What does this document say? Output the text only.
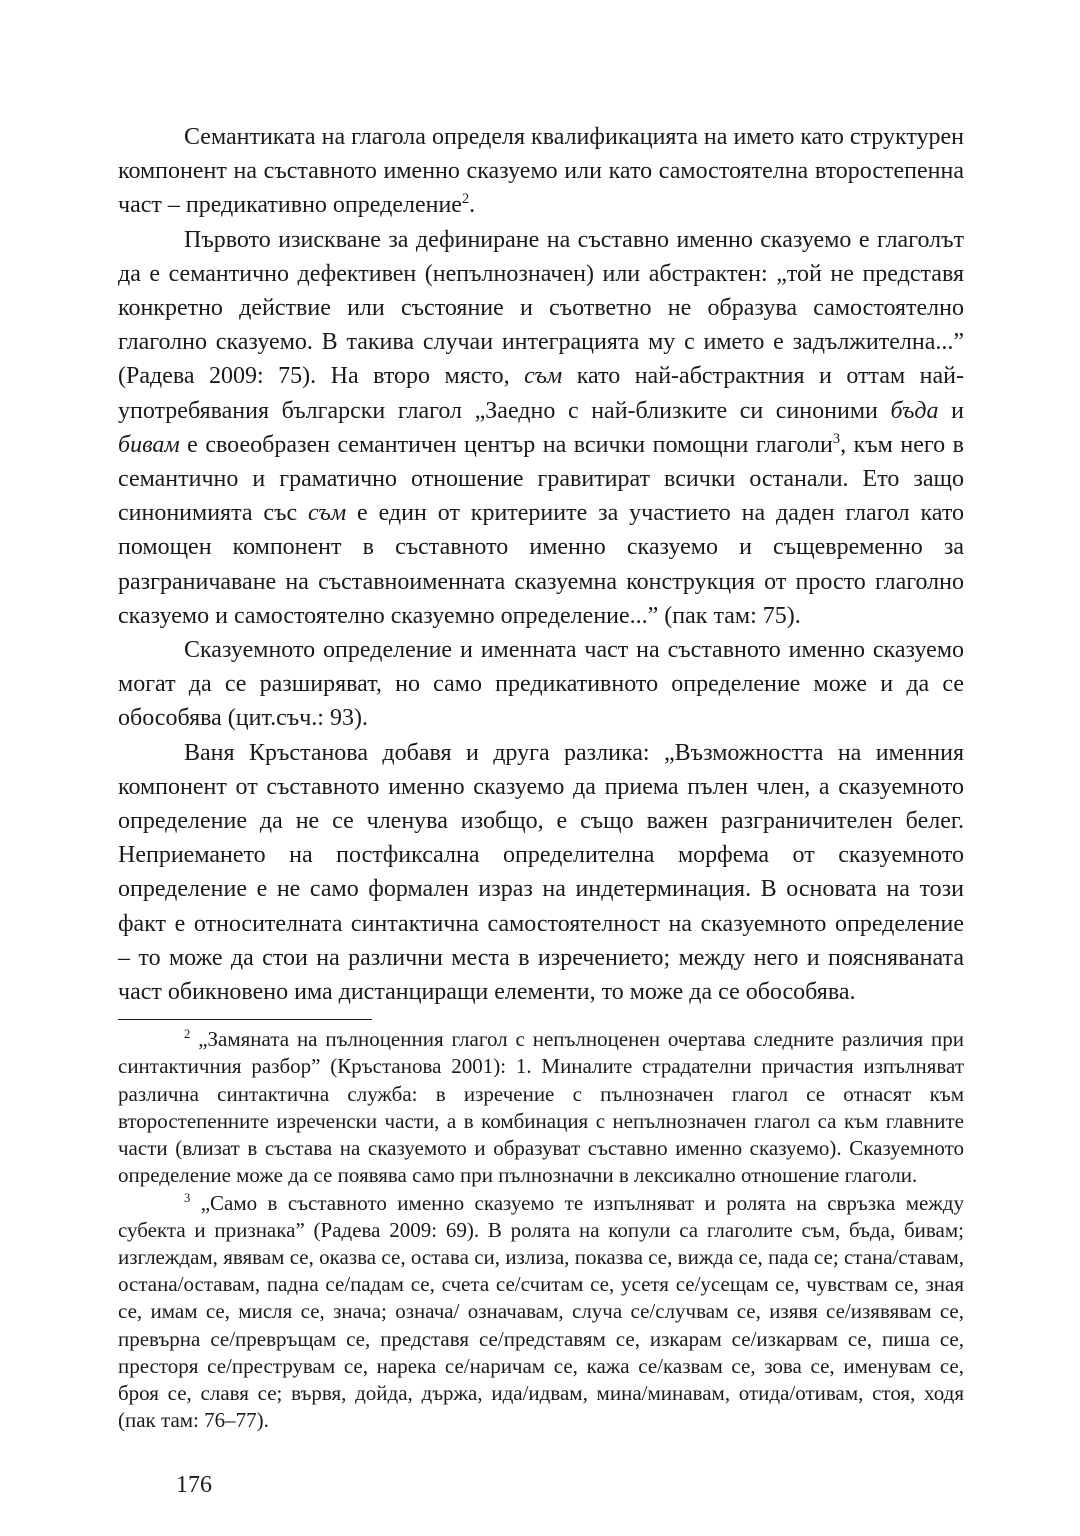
Семантиката на глагола определя квалификацията на името като структурен компонент на съставното именно сказуемо или като самостоятелна второстепенна част – предикативно определение$^2$.

Първото изискване за дефиниране на съставно именно сказуемо е глаголът да е семантично дефективен (непълнозначен) или абстрактен: „той не представя конкретно действие или състояние и съответно не образува самостоятелно глаголно сказуемо. В такива случаи интеграцията му с името е задължителна...” (Радева 2009: 75). На второ място, съм като най-абстрактния и оттам най-употребявания български глагол „Заедно с най-близките си синоними бъда и бивам е своеобразен семантичен център на всички помощни глаголи$^3$, към него в семантично и граматично отношение гравитират всички останали. Ето защо синонимията със съм е един от критериите за участието на даден глагол като помощен компонент в съставното именно сказуемо и същевременно за разграничаване на съставноименната сказуемна конструкция от просто глаголно сказуемо и самостоятелно сказуемно определение...” (пак там: 75).

Сказуемното определение и именната част на съставното именно сказуемо могат да се разширяват, но само предикативното определение може и да се обособява (цит.съч.: 93).

Ваня Кръстанова добавя и друга разлика: „Възможността на именния компонент от съставното именно сказуемо да приема пълен член, а сказуемното определение да не се членува изобщо, е също важен разграничителен белег. Неприемането на постфиксална определителна морфема от сказуемното определение е не само формален израз на индетерминация. В основата на този факт е относителната синтактична самостоятелност на сказуемното определение – то може да стои на различни места в изречението; между него и поясняваната част обикновено има дистанциращи елементи, то може да се обособява.

$^2$ „Замяната на пълноценния глагол с непълноценен очертава следните различия при синтактичния разбор” (Кръстанова 2001): 1. Миналите страдателни причастия изпълняват различна синтактична служба: в изречение с пълнозначен глагол се отнасят към второстепенните изреченски части, а в комбинация с непълнозначен глагол са към главните части (влизат в състава на сказуемото и образуват съставно именно сказуемо). Сказуемното определение може да се появява само при пълнозначни в лексикално отношение глаголи.

$^3$ „Само в съставното именно сказуемо те изпълняват и ролята на свръзка между субекта и признака” (Радева 2009: 69). В ролята на копули са глаголите съм, бъда, бивам; изглеждам, явявам се, оказва се, остава си, излиза, показва се, вижда се, пада се; стана/ставам, остана/оставам, падна се/падам се, счета се/считам се, усетя се/усещам се, чувствам се, зная се, имам се, мисля се, знача; означа/ означавам, случа се/случвам се, изявя се/изявявам се, превърна се/превръщам се, представя се/представям се, изкарам се/изкарвам се, пиша се, престоря се/преструвам се, нарека се/наричам се, кажа се/казвам се, зова се, именувам се, броя се, славя се; вървя, дойда, държа, ида/идвам, мина/минавам, отида/отивам, стоя, ходя (пак там: 76–77).

176
